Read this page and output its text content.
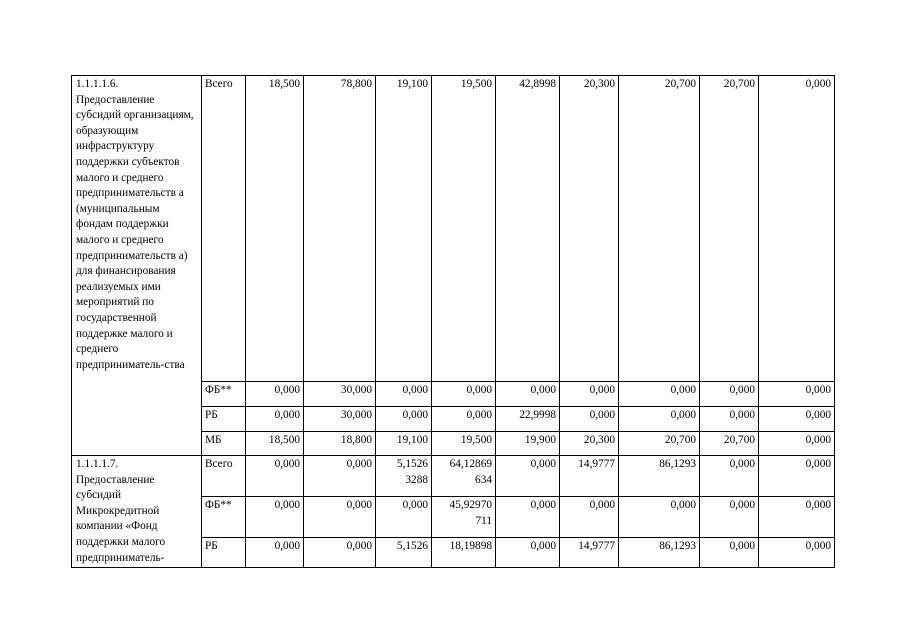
1.1.1.1.6.
Предоставление субсидий организациям, образующим инфраструктуру поддержки субъектов малого и среднего предпринимательств а (муниципальным фондам поддержки малого и среднего предпринимательств а) для финансирования реализуемых ими мероприятий по государственной поддержке малого и среднего предприниматель-ства	Всего	18,500	78,800	19,100	19,500	42,8998	20,300	20,700	20,700	0,000
	ФБ**	0,000	30,000	0,000	0,000	0,000	0,000	0,000	0,000	0,000
	РБ	0,000	30,000	0,000	0,000	22,9998	0,000	0,000	0,000	0,000
	МБ	18,500	18,800	19,100	19,500	19,900	20,300	20,700	20,700	0,000

1.1.1.1.7.
Предоставление субсидий Микрокредитной компании «Фонд поддержки малого предприниматель-	Всего	0,000	0,000	5,1526 3288	64,12869 634	0,000	14,9777	86,1293	0,000	0,000
	ФБ**	0,000	0,000	0,000	45,92970 711	0,000	0,000	0,000	0,000	0,000
	РБ	0,000	0,000	5,1526	18,19898	0,000	14,9777	86,1293	0,000	0,000
